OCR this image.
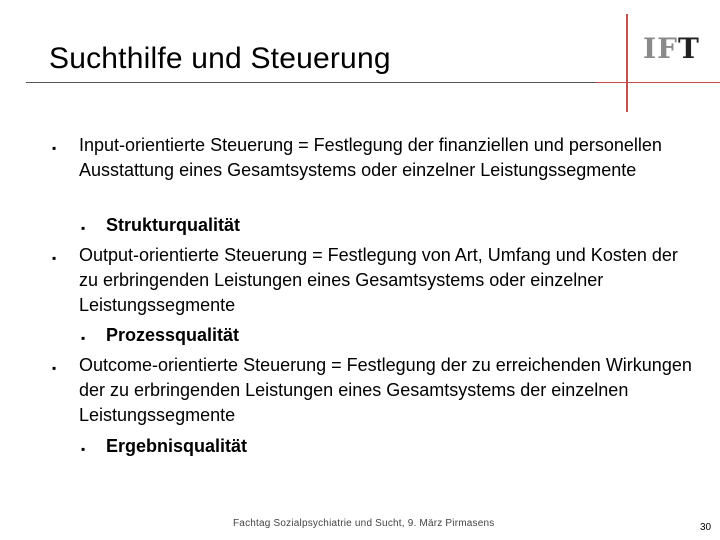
Suchthilfe und Steuerung	IFT
▪ Input-orientierte Steuerung = Festlegung der finanziellen und personellen Ausstattung eines Gesamtsystems oder einzelner Leistungssegmente
▪ Strukturqualität
▪ Output-orientierte Steuerung = Festlegung von Art, Umfang und Kosten der zu erbringenden Leistungen eines Gesamtsystems oder einzelner Leistungssegmente
▪ Prozessqualität
▪ Outcome-orientierte Steuerung = Festlegung der zu erreichenden Wirkungen der zu erbringenden Leistungen eines Gesamtsystems der einzelnen Leistungssegmente
▪ Ergebnisqualität
Fachtag Sozialpsychiatrie und Sucht, 9. März Pirmasens	30
